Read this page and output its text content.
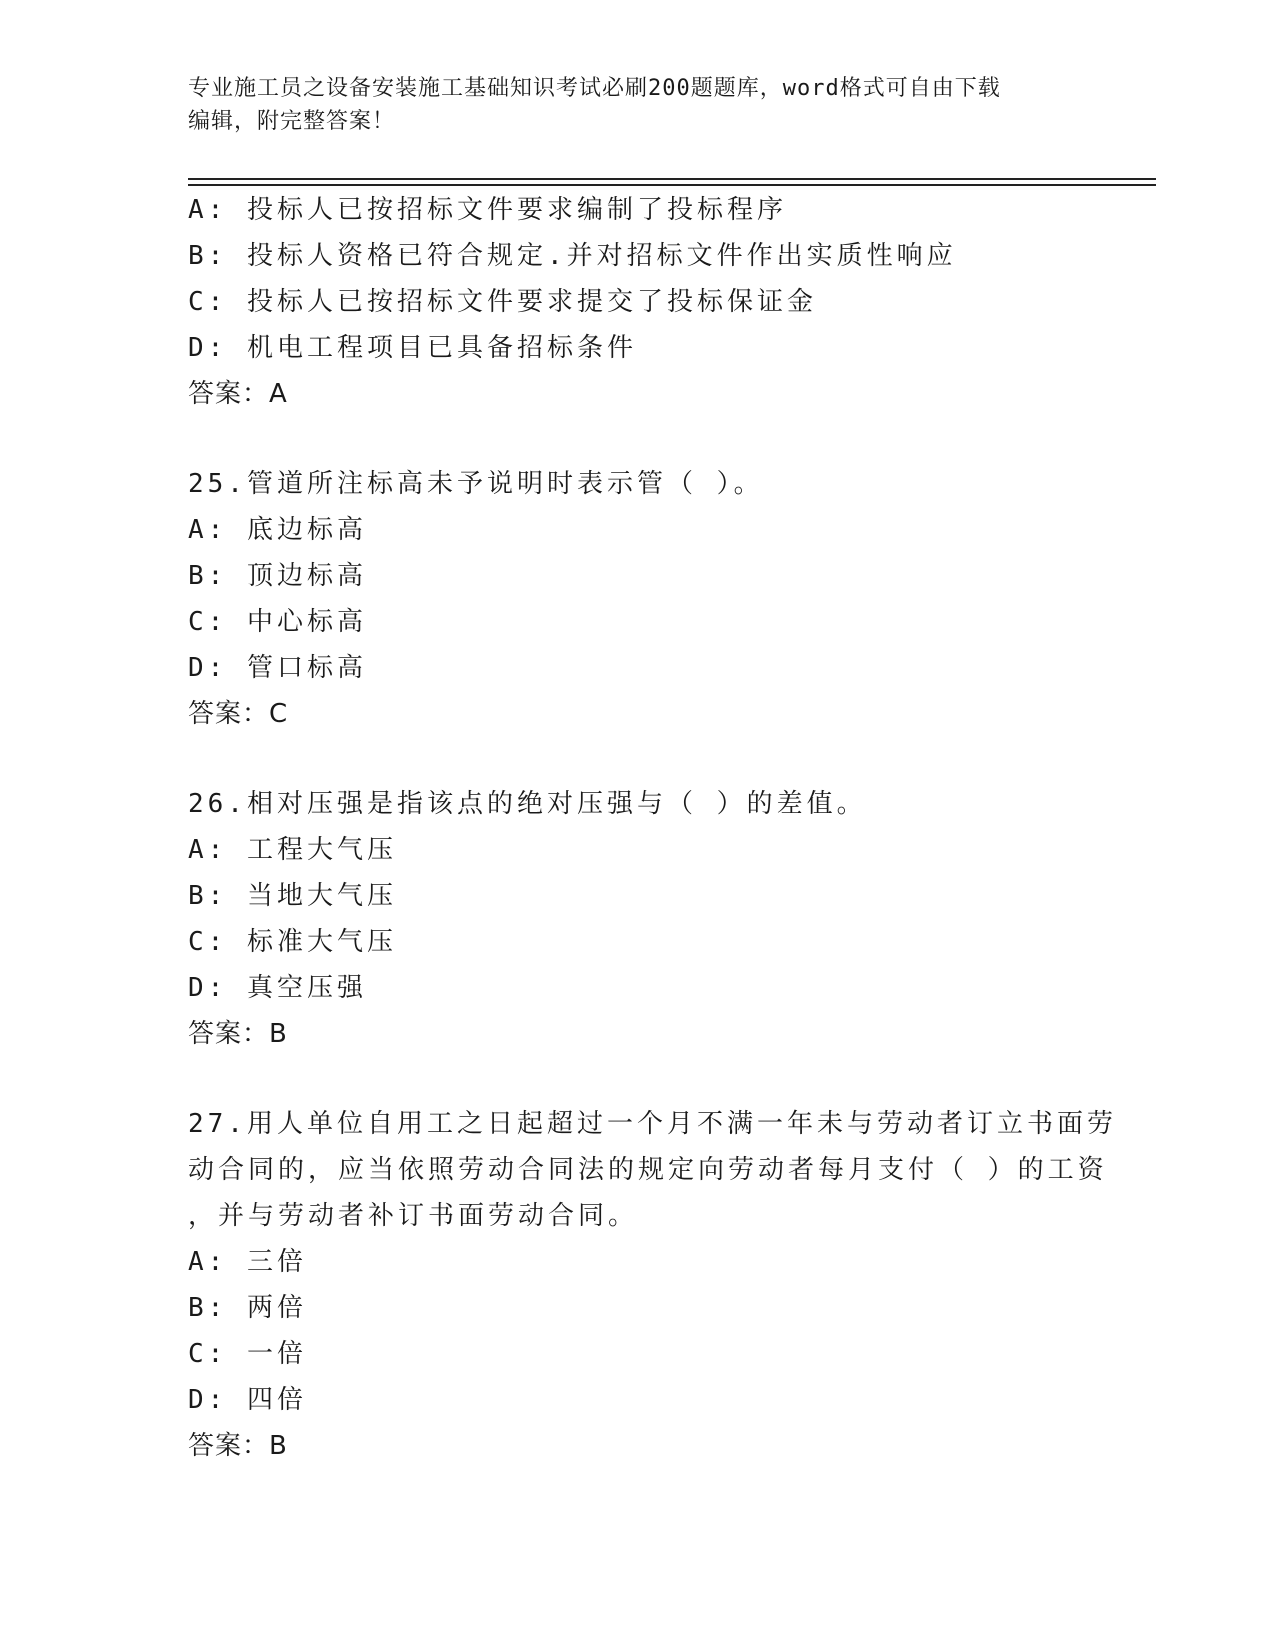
专业施工员之设备安装施工基础知识考试必刷200题题库，word格式可自由下载
编辑，附完整答案！
A: 投标人已按招标文件要求编制了投标程序
B: 投标人资格已符合规定.并对招标文件作出实质性响应
C: 投标人已按招标文件要求提交了投标保证金
D: 机电工程项目已具备招标条件
答案：A
25.管道所注标高未予说明时表示管（ ）。
A: 底边标高
B: 顶边标高
C: 中心标高
D: 管口标高
答案：C
26.相对压强是指该点的绝对压强与（ ）的差值。
A: 工程大气压
B: 当地大气压
C: 标准大气压
D: 真空压强
答案：B
27.用人单位自用工之日起超过一个月不满一年未与劳动者订立书面劳
动合同的，应当依照劳动合同法的规定向劳动者每月支付（ ）的工资
，并与劳动者补订书面劳动合同。
A: 三倍
B: 两倍
C: 一倍
D: 四倍
答案：B
